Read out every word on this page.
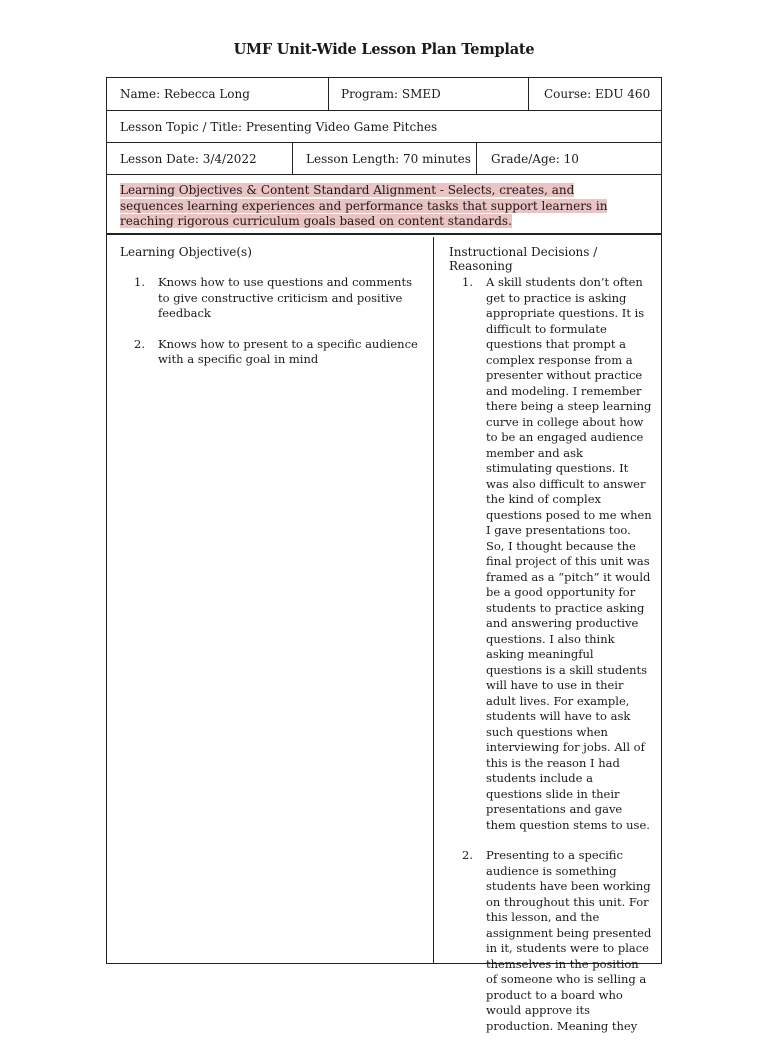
UMF Unit-Wide Lesson Plan Template
Name: Rebecca Long	Program: SMED	Course: EDU 460
Lesson Topic / Title: Presenting Video Game Pitches
Lesson Date: 3/4/2022	Lesson Length: 70 minutes	Grade/Age: 10
Learning Objectives & Content Standard Alignment - Selects, creates, and sequences learning experiences and performance tasks that support learners in reaching rigorous curriculum goals based on content standards.
Learning Objective(s)
1. Knows how to use questions and comments to give constructive criticism and positive feedback
2. Knows how to present to a specific audience with a specific goal in mind
Instructional Decisions / Reasoning
1. A skill students don’t often get to practice is asking appropriate questions. It is difficult to formulate questions that prompt a complex response from a presenter without practice and modeling. I remember there being a steep learning curve in college about how to be an engaged audience member and ask stimulating questions. It was also difficult to answer the kind of complex questions posed to me when I gave presentations too. So, I thought because the final project of this unit was framed as a “pitch” it would be a good opportunity for students to practice asking and answering productive questions. I also think asking meaningful questions is a skill students will have to use in their adult lives. For example, students will have to ask such questions when interviewing for jobs. All of this is the reason I had students include a questions slide in their presentations and gave them question stems to use.
2. Presenting to a specific audience is something students have been working on throughout this unit. For this lesson, and the assignment being presented in it, students were to place themselves in the position of someone who is selling a product to a board who would approve its production. Meaning they
